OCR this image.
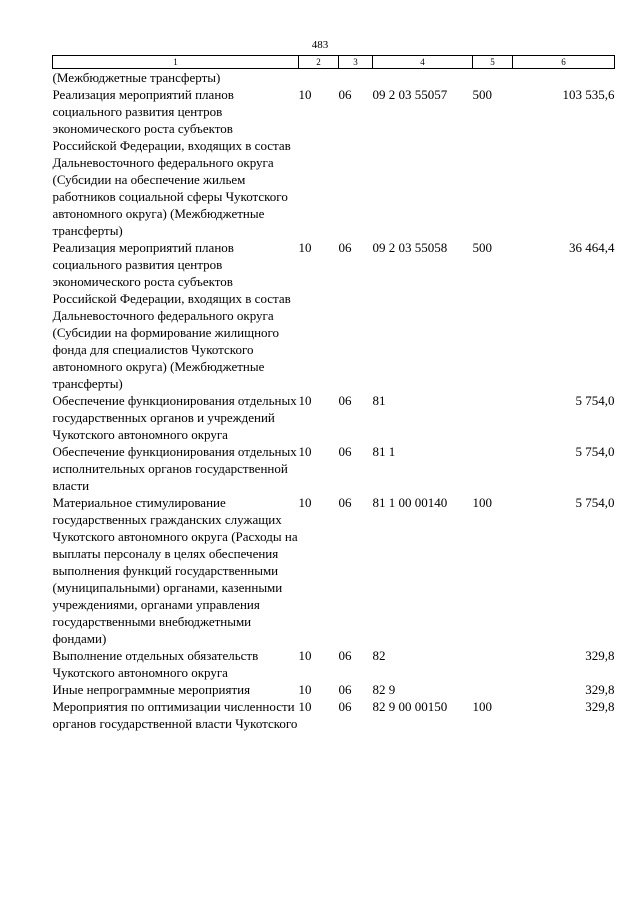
483
1	2	3	4	5	6
(Межбюджетные трансферты)					
Реализация мероприятий планов социального развития центров экономического роста субъектов Российской Федерации, входящих в состав Дальневосточного федерального округа (Субсидии на обеспечение жильем работников социальной сферы Чукотского автономного округа) (Межбюджетные трансферты)	10	06	09 2 03 55057	500	103 535,6
Реализация мероприятий планов социального развития центров экономического роста субъектов Российской Федерации, входящих в состав Дальневосточного федерального округа (Субсидии на формирование жилищного фонда для специалистов Чукотского автономного округа) (Межбюджетные трансферты)	10	06	09 2 03 55058	500	36 464,4
Обеспечение функционирования отдельных государственных органов и учреждений Чукотского автономного округа	10	06	81		5 754,0
Обеспечение функционирования отдельных исполнительных органов государственной власти	10	06	81 1		5 754,0
Материальное стимулирование государственных гражданских служащих Чукотского автономного округа (Расходы на выплаты персоналу в целях обеспечения выполнения функций государственными (муниципальными) органами, казенными учреждениями, органами управления государственными внебюджетными фондами)	10	06	81 1 00 00140	100	5 754,0
Выполнение отдельных обязательств Чукотского автономного округа	10	06	82		329,8
Иные непрограммные мероприятия	10	06	82 9		329,8
Мероприятия по оптимизации численности органов государственной власти Чукотского	10	06	82 9 00 00150	100	329,8
